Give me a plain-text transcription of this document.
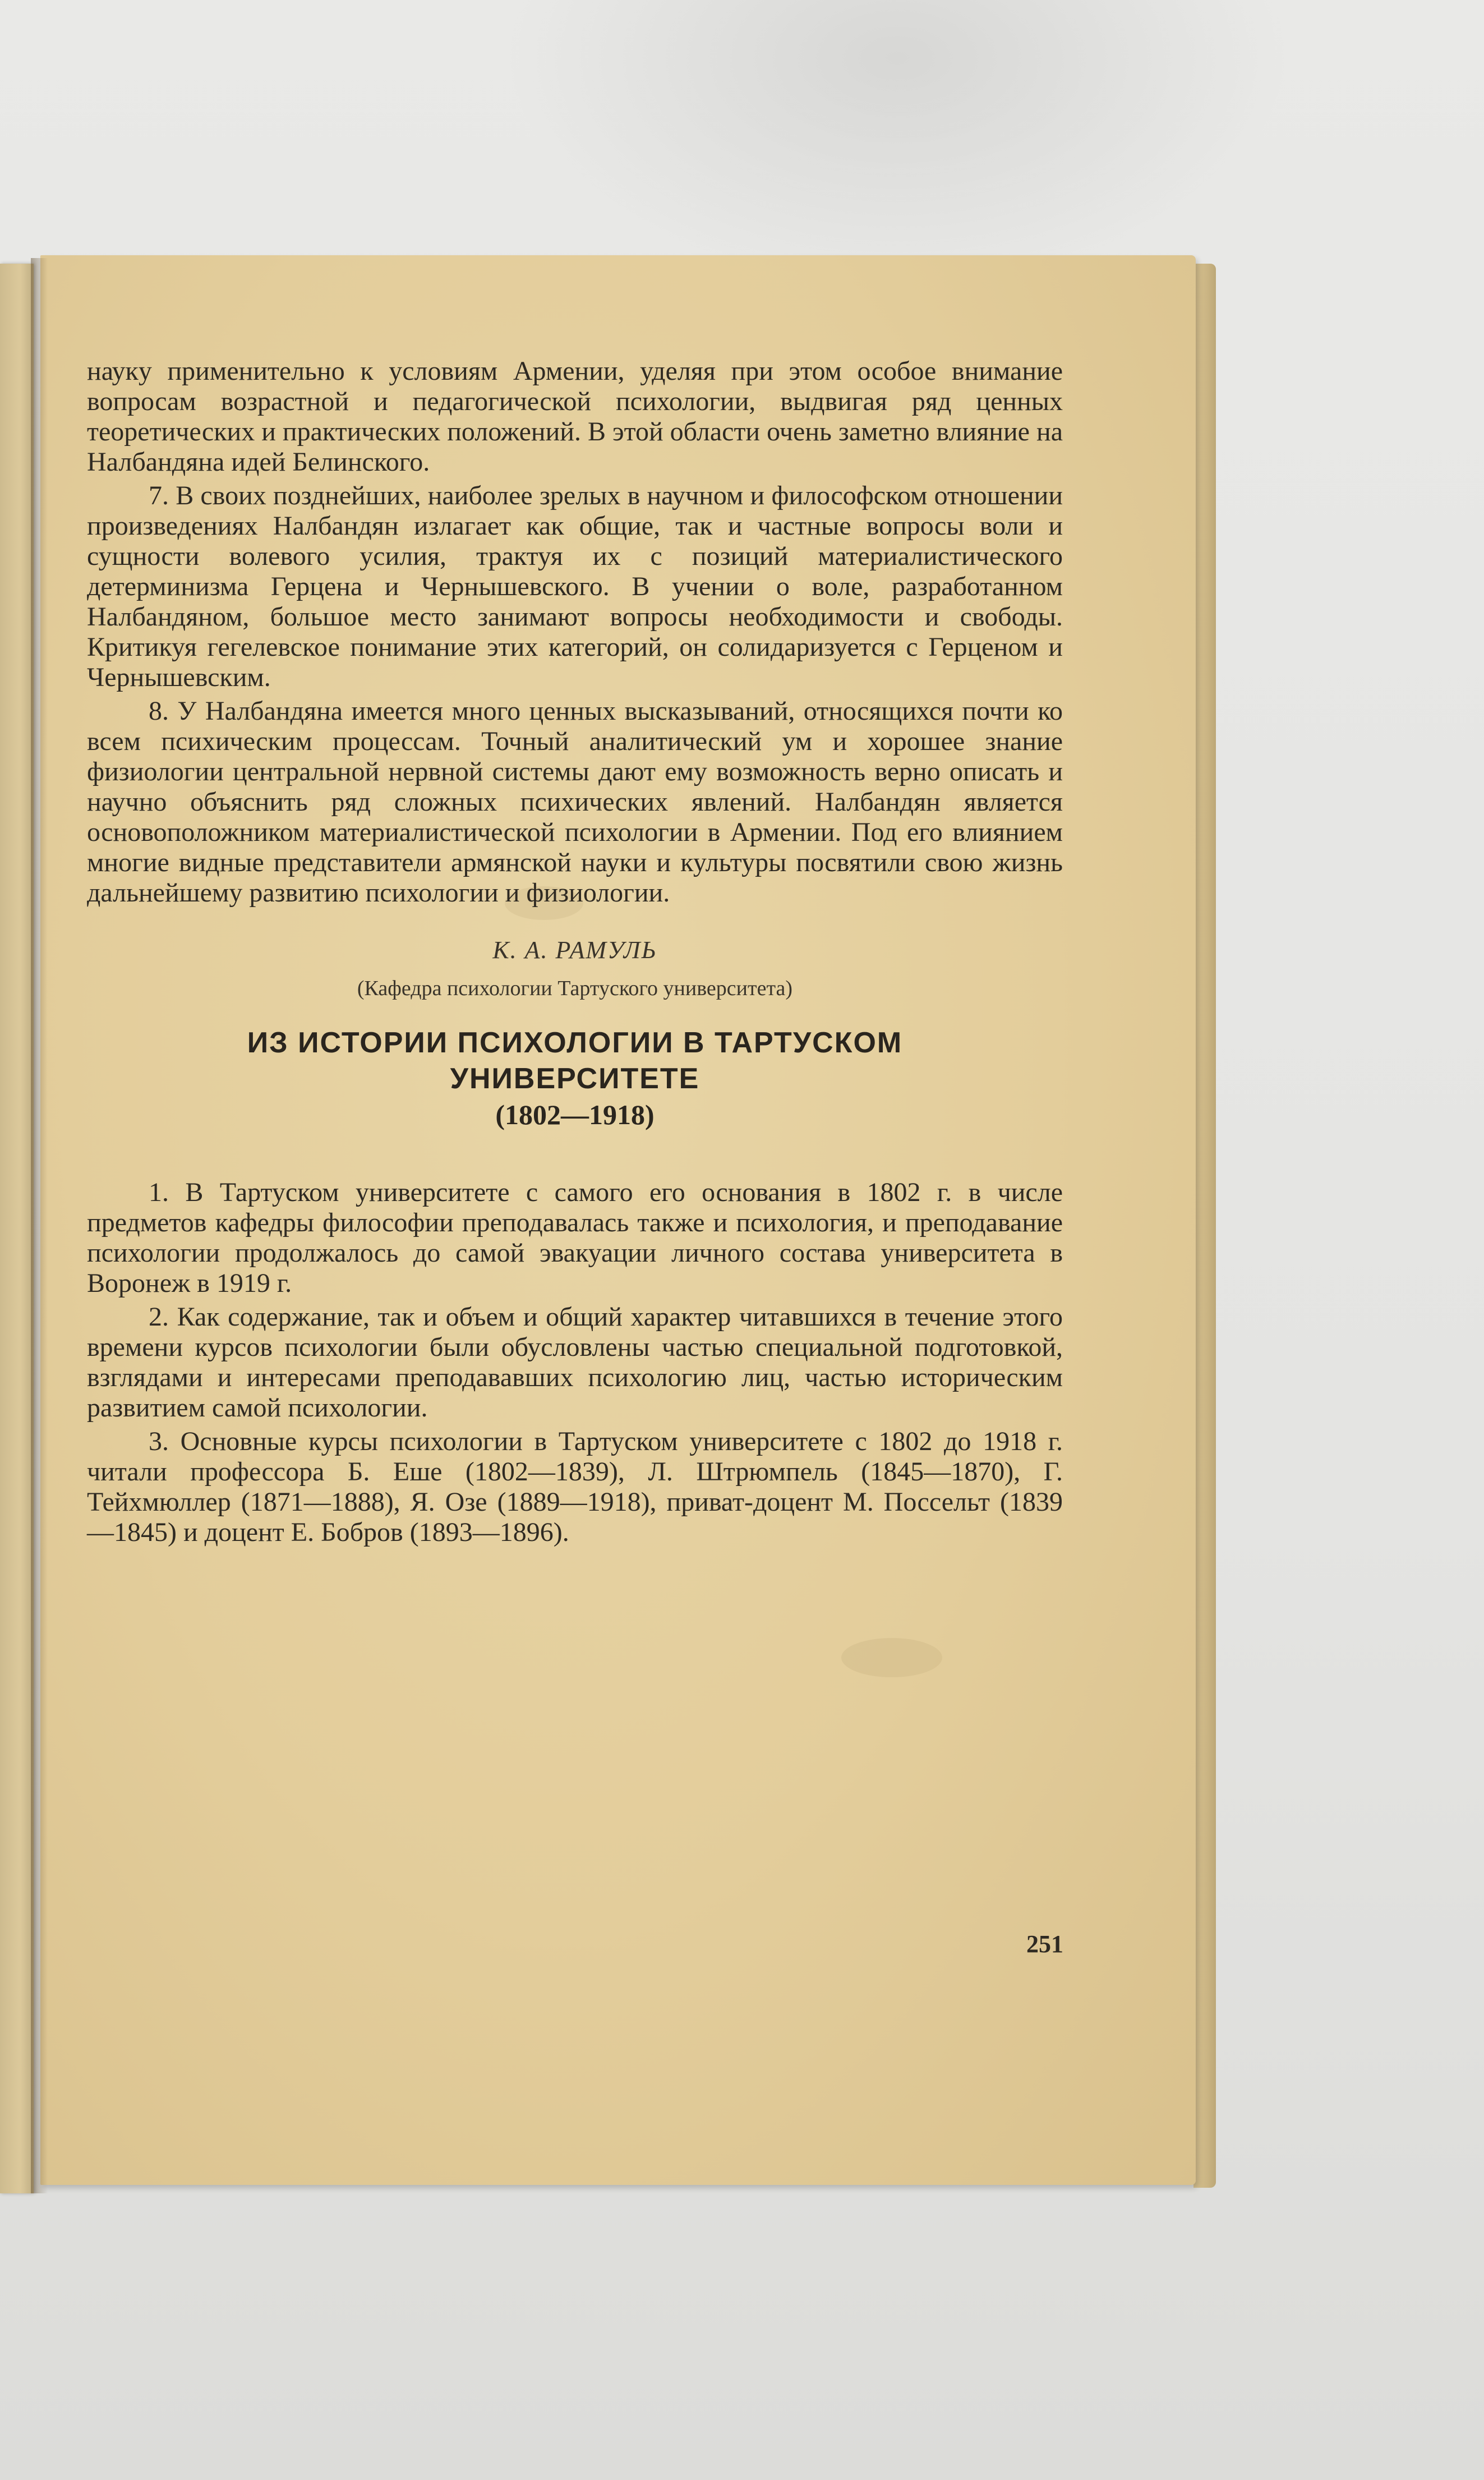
наукy применительно к условиям Армении, уделяя при этом особое внимание вопросам возрастной и педагогической психологии, выдвигая ряд ценных теоретических и практических положений. В этой области очень заметно влияние на Налбандяна идей Белинского.

7. В своих позднейших, наиболее зрелых в научном и философском отношении произведениях Налбандян излагает как общие, так и частные вопросы воли и сущности волевого усилия, трактуя их с позиций материалистического детерминизма Герцена и Чернышевского. В учении о воле, разработанном Налбандяном, большое место занимают вопросы необходимости и свободы. Критикуя гегелевское понимание этих категорий, он солидаризуется с Герценом и Чернышевским.

8. У Налбандяна имеется много ценных высказываний, относящихся почти ко всем психическим процессам. Точный аналитический ум и хорошее знание физиологии центральной нервной системы дают ему возможность верно описать и научно объяснить ряд сложных психических явлений. Налбандян является основоположником материалистической психологии в Армении. Под его влиянием многие видные представители армянской науки и культуры посвятили свою жизнь дальнейшему развитию психологии и физиологии.

К. А. РАМУЛЬ
(Кафедра психологии Тартуского университета)
ИЗ ИСТОРИИ ПСИХОЛОГИИ В ТАРТУСКОМ
УНИВЕРСИТЕТЕ
(1802—1918)

1. В Тартуском университете с самого его основания в 1802 г. в числе предметов кафедры философии преподавалась также и психология, и преподавание психологии продолжалось до самой эвакуации личного состава университета в Воронеж в 1919 г.

2. Как содержание, так и объем и общий характер читавшихся в течение этого времени курсов психологии были обусловлены частью специальной подготовкой, взглядами и интересами преподававших психологию лиц, частью историческим развитием самой психологии.

3. Основные курсы психологии в Тартуском университете с 1802 до 1918 г. читали профессора Б. Еше (1802—1839), Л. Штрюмпель (1845—1870), Г. Тейхмюллер (1871—1888), Я. Озе (1889—1918), приват-доцент М. Поссельт (1839—1845) и доцент Е. Бобров (1893—1896).

251
